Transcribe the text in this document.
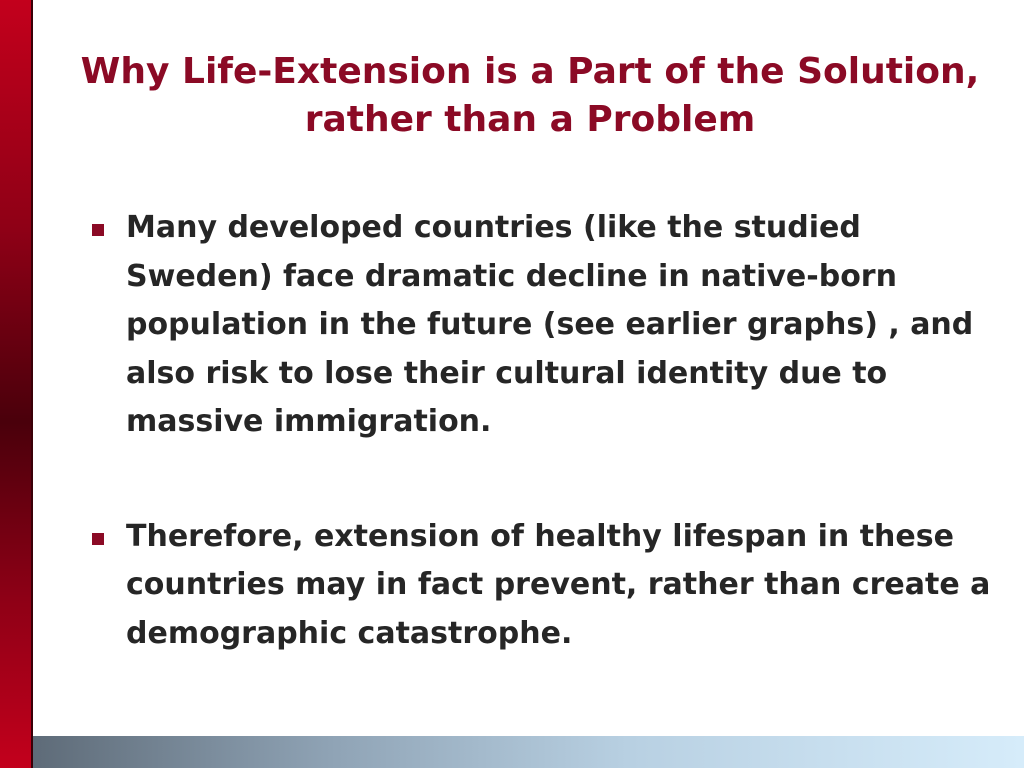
Why Life-Extension is a Part of the Solution, rather than a Problem
Many developed countries (like the studied Sweden) face dramatic decline in native-born population in the future (see earlier graphs) , and also risk to lose their cultural identity due to massive immigration.
Therefore, extension of healthy lifespan in these countries may in fact prevent, rather than create a demographic catastrophe.
